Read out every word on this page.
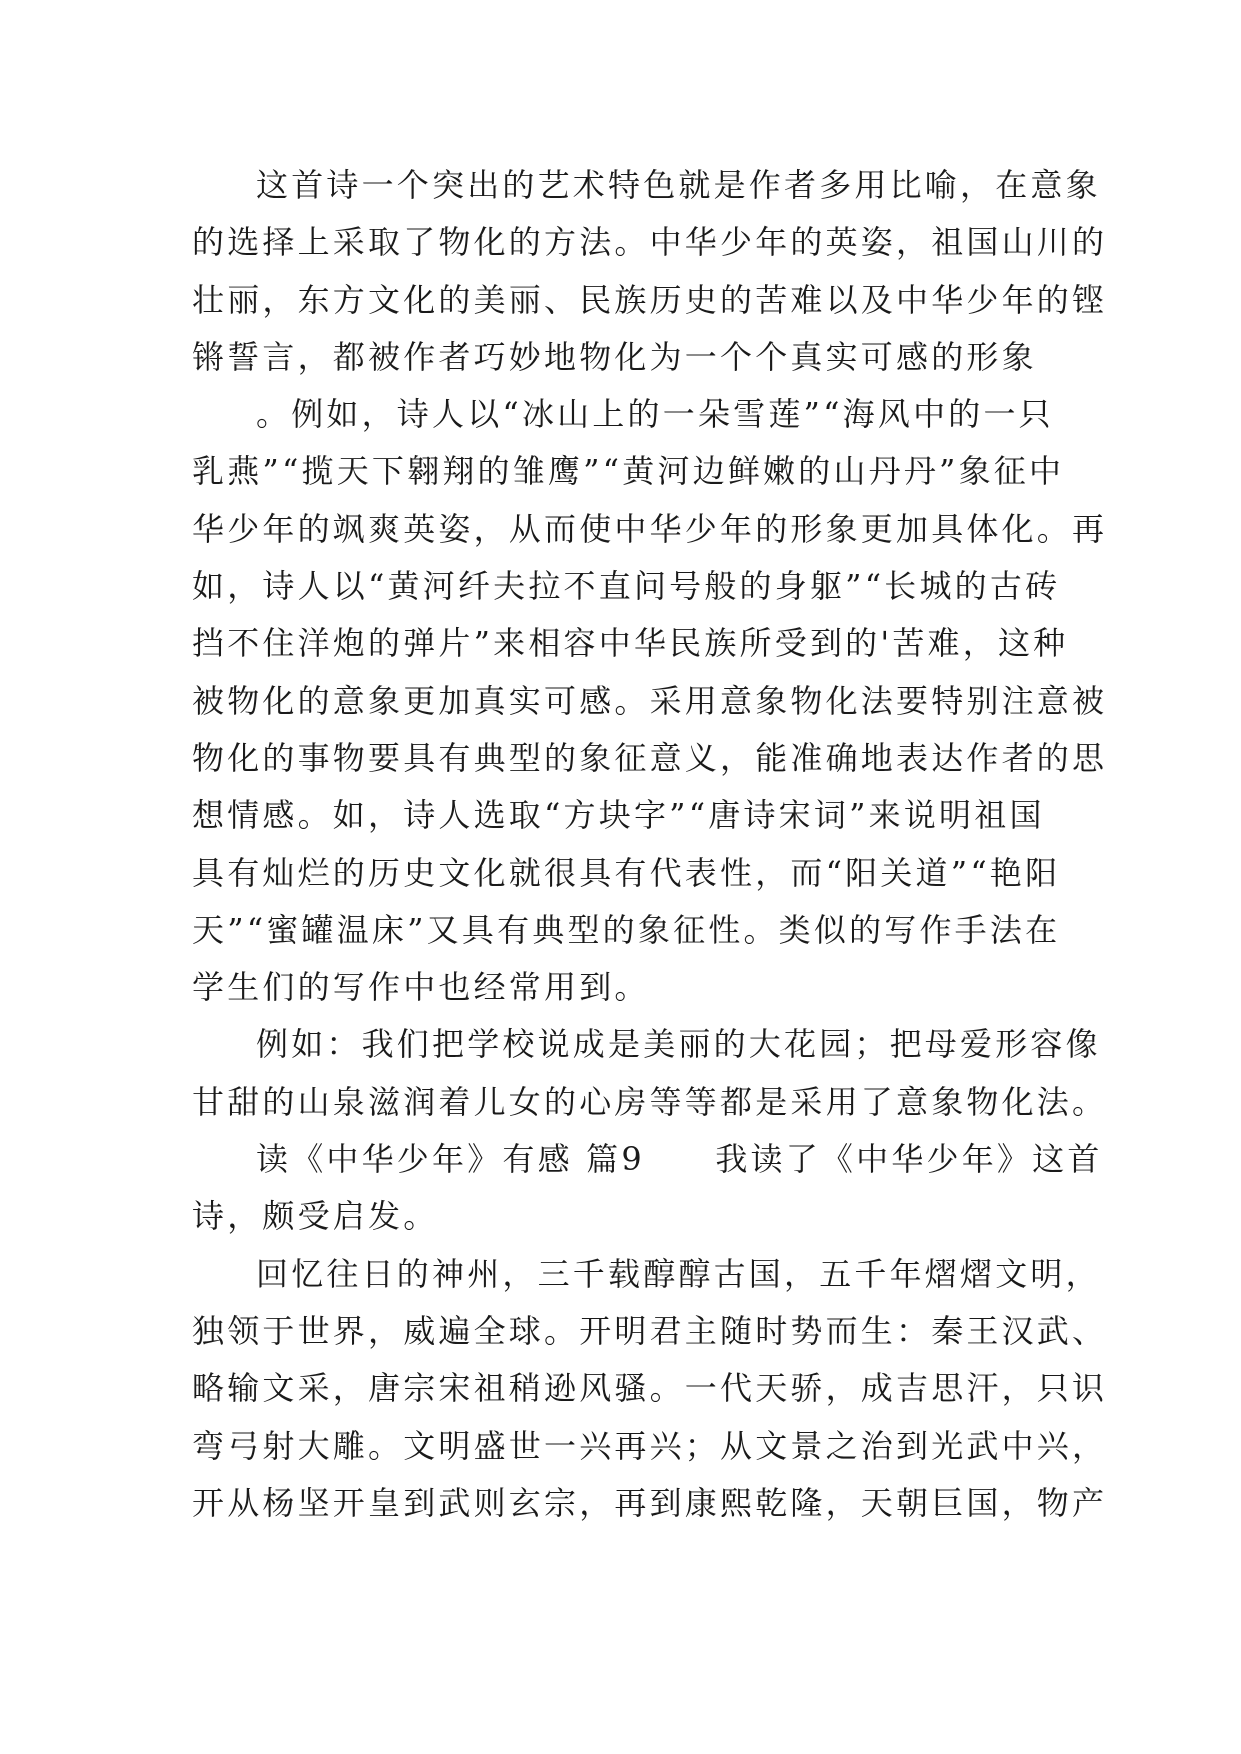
这首诗一个突出的艺术特色就是作者多用比喻，在意象
的选择上采取了物化的方法。中华少年的英姿，祖国山川的
壮丽，东方文化的美丽、民族历史的苦难以及中华少年的铿
锵誓言，都被作者巧妙地物化为一个个真实可感的形象
。例如，诗人以“冰山上的一朵雪莲”“海风中的一只
乳燕”“揽天下翱翔的雏鹰”“黄河边鲜嫩的山丹丹”象征中
华少年的飒爽英姿，从而使中华少年的形象更加具体化。再
如，诗人以“黄河纤夫拉不直问号般的身躯”“长城的古砖
挡不住洋炮的弹片”来相容中华民族所受到的'苦难，这种
被物化的意象更加真实可感。采用意象物化法要特别注意被
物化的事物要具有典型的象征意义，能准确地表达作者的思
想情感。如，诗人选取“方块字”“唐诗宋词”来说明祖国
具有灿烂的历史文化就很具有代表性，而“阳关道”“艳阳
天”“蜜罐温床”又具有典型的象征性。类似的写作手法在
学生们的写作中也经常用到。
例如：我们把学校说成是美丽的大花园；把母爱形容像
甘甜的山泉滋润着儿女的心房等等都是采用了意象物化法。
读《中华少年》有感 篇9　　我读了《中华少年》这首
诗，颇受启发。
回忆往日的神州，三千载醇醇古国，五千年熠熠文明，
独领于世界，威遍全球。开明君主随时势而生：秦王汉武、
略输文采，唐宗宋祖稍逊风骚。一代天骄，成吉思汗，只识
弯弓射大雕。文明盛世一兴再兴；从文景之治到光武中兴，
开从杨坚开皇到武则玄宗，再到康熙乾隆，天朝巨国，物产
